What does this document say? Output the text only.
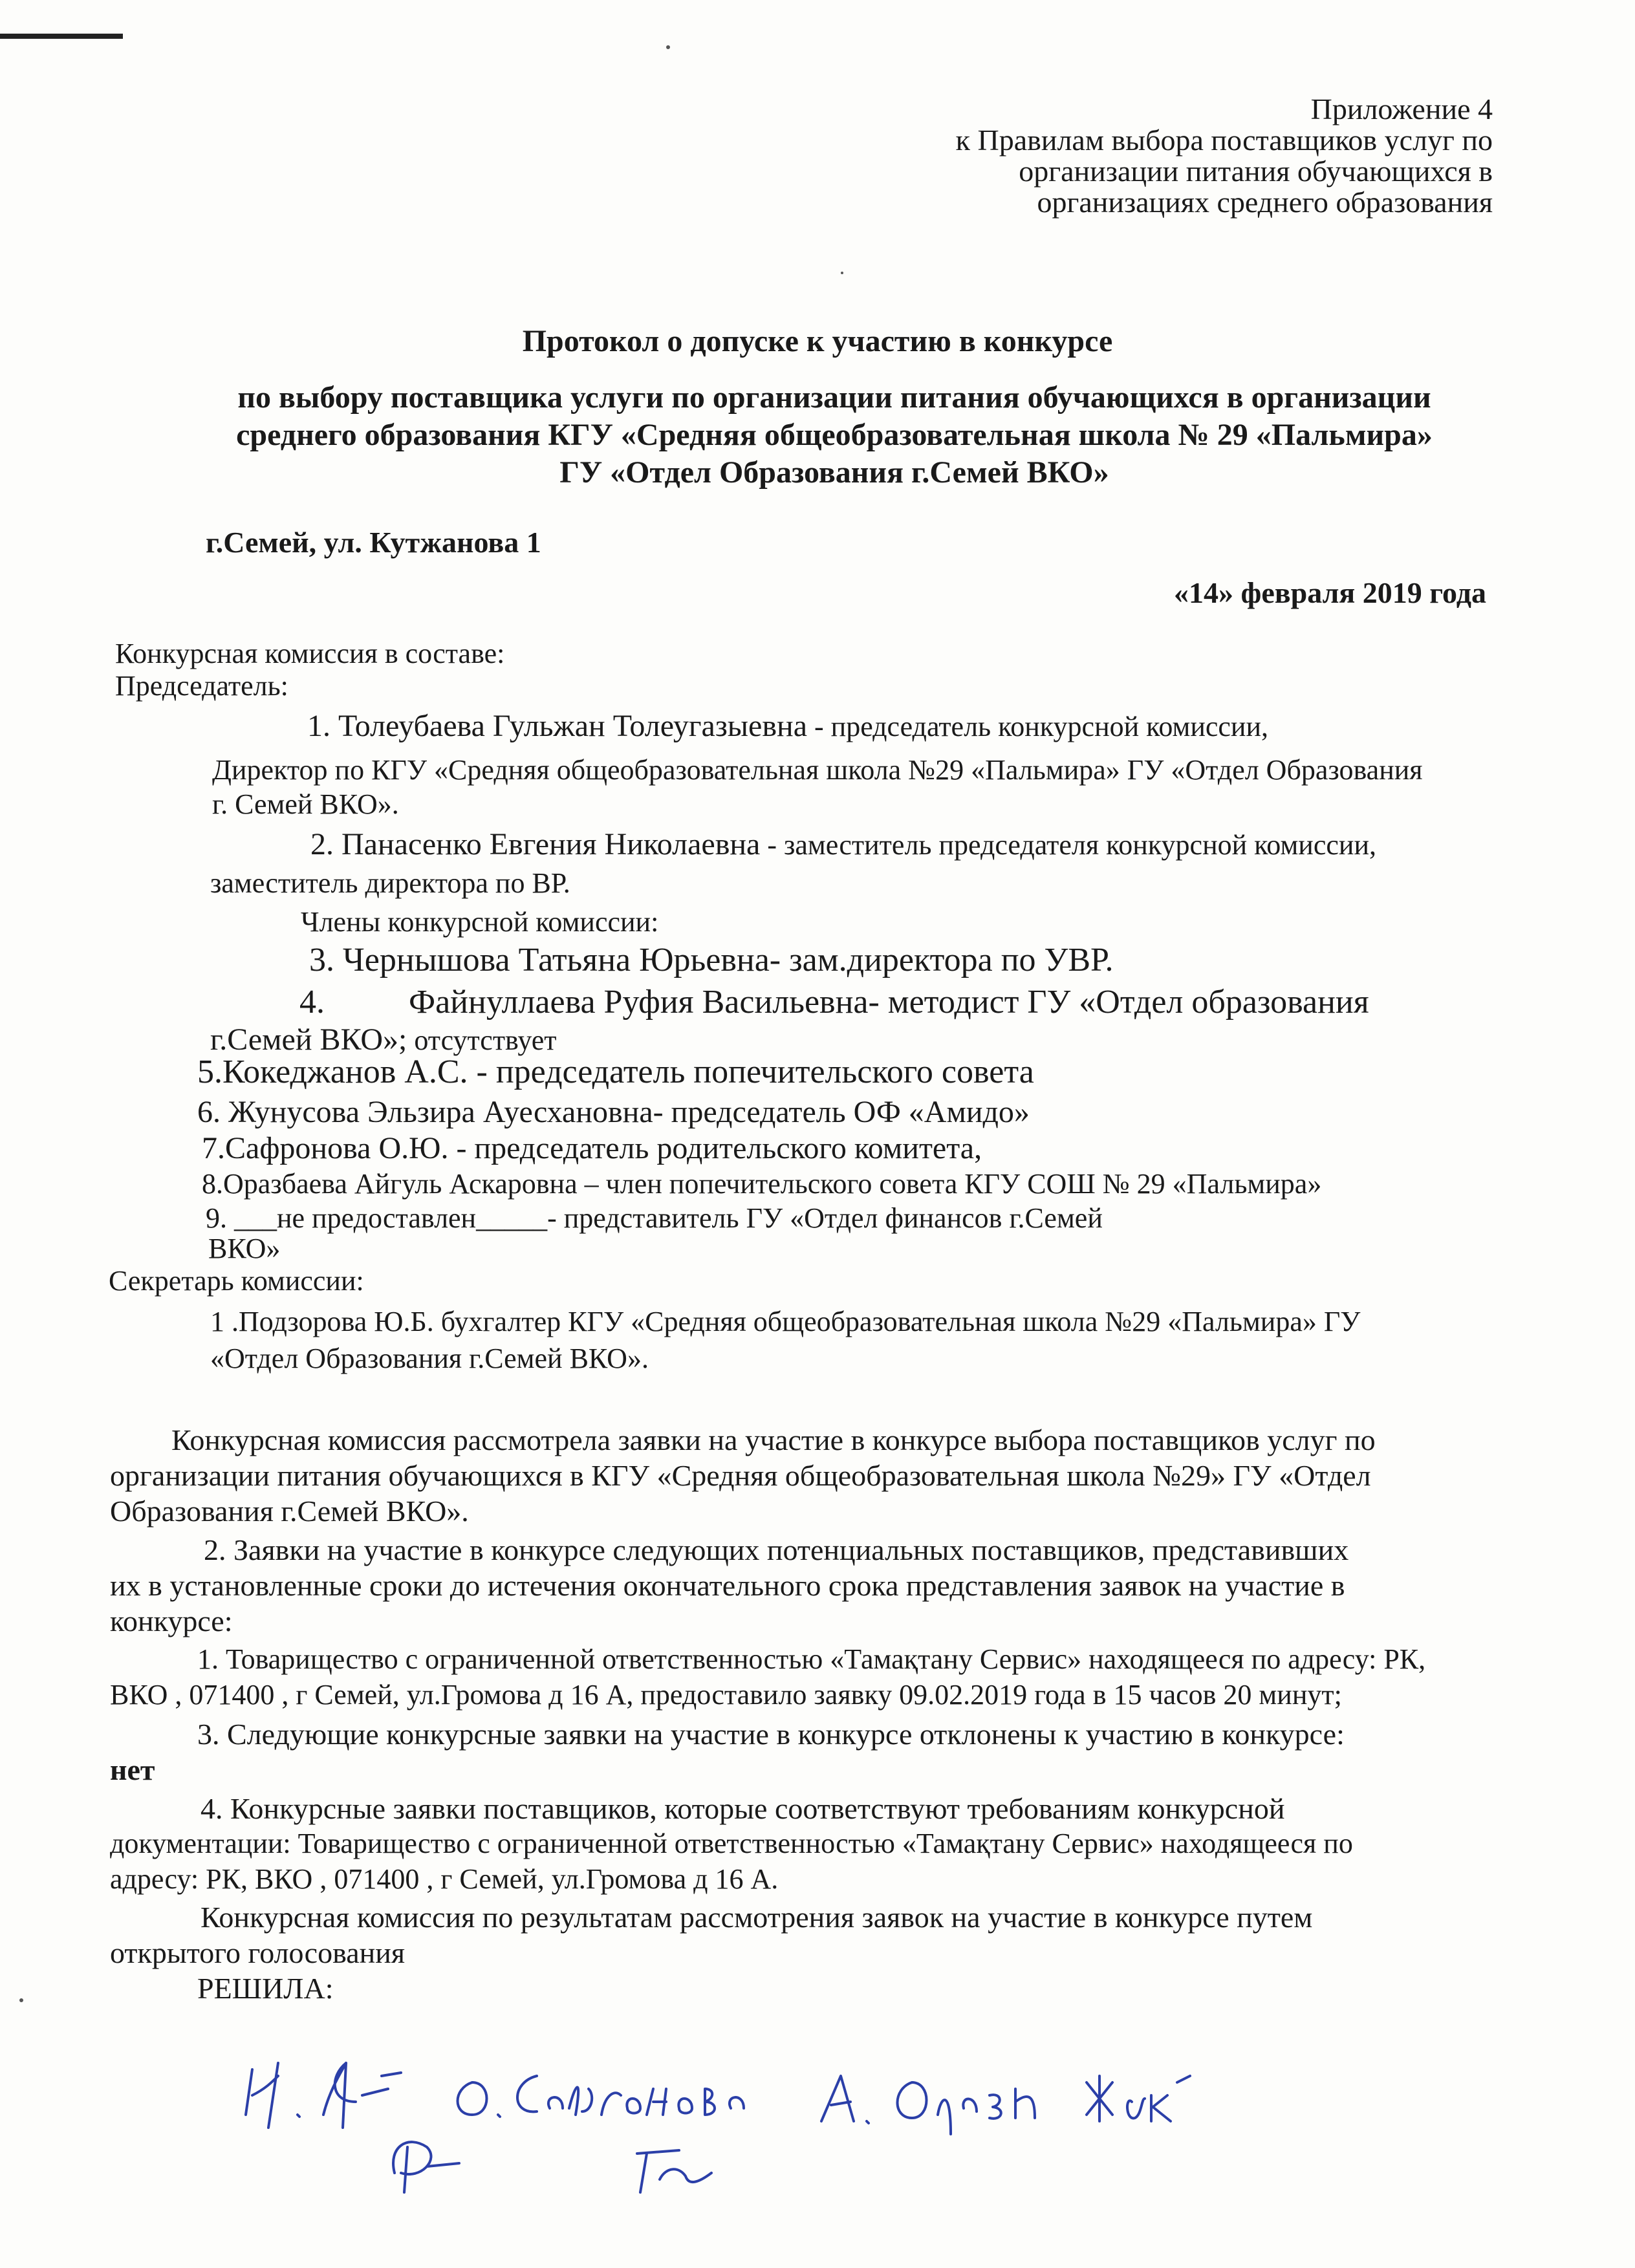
Приложение 4
к Правилам выбора поставщиков услуг по
организации питания обучающихся в
организациях среднего образования
Протокол о допуске к участию в конкурсе
по выбору поставщика услуги по организации питания обучающихся в организации
среднего образования КГУ «Средняя общеобразовательная школа № 29 «Пальмира»
ГУ «Отдел Образования г.Семей ВКО»
г.Семей, ул. Кутжанова 1
«14» февраля 2019 года
Конкурсная комиссия в составе:
Председатель:
1. Толеубаева Гульжан Толеугазыевна - председатель конкурсной комиссии,
Директор по КГУ «Средняя общеобразовательная школа №29 «Пальмира» ГУ «Отдел Образования
г. Семей ВКО».
2. Панасенко Евгения Николаевна - заместитель председателя конкурсной комиссии,
заместитель директора по ВР.
Члены конкурсной комиссии:
3. Чернышова Татьяна Юрьевна- зам.директора по УВР.
4.	Файнуллаева Руфия Васильевна- методист ГУ «Отдел образования
г.Семей ВКО»; отсутствует
5.Кокеджанов А.С. - председатель попечительского совета
6. Жунусова Эльзира Ауесхановна- председатель ОФ «Амидо»
7.Сафронова О.Ю. - председатель родительского комитета,
8.Оразбаева Айгуль Аскаровна – член попечительского совета КГУ СОШ № 29 «Пальмира»
9. ___не предоставлен_____- представитель ГУ «Отдел финансов г.Семей
ВКО»
Секретарь комиссии:
1 .Подзорова Ю.Б. бухгалтер КГУ «Средняя общеобразовательная школа №29 «Пальмира» ГУ
«Отдел Образования г.Семей ВКО».
Конкурсная комиссия рассмотрела заявки на участие в конкурсе выбора поставщиков услуг по
организации питания обучающихся в КГУ «Средняя общеобразовательная школа №29» ГУ «Отдел
Образования г.Семей ВКО».
2. Заявки на участие в конкурсе следующих потенциальных поставщиков, представивших
их в установленные сроки до истечения окончательного срока представления заявок на участие в
конкурсе:
1. Товарищество с ограниченной ответственностью «Тамақтану Сервис» находящееся по адресу: РК,
ВКО , 071400 , г Семей, ул.Громова д 16 А, предоставило заявку 09.02.2019 года в 15 часов 20 минут;
3. Следующие конкурсные заявки на участие в конкурсе отклонены к участию в конкурсе:
нет
4. Конкурсные заявки поставщиков, которые соответствуют требованиям конкурсной
документации: Товарищество с ограниченной ответственностью «Тамақтану Сервис» находящееся по
адресу: РК, ВКО , 071400 , г Семей, ул.Громова д 16 А.
Конкурсная комиссия по результатам рассмотрения заявок на участие в конкурсе путем
открытого голосования
РЕШИЛА:
